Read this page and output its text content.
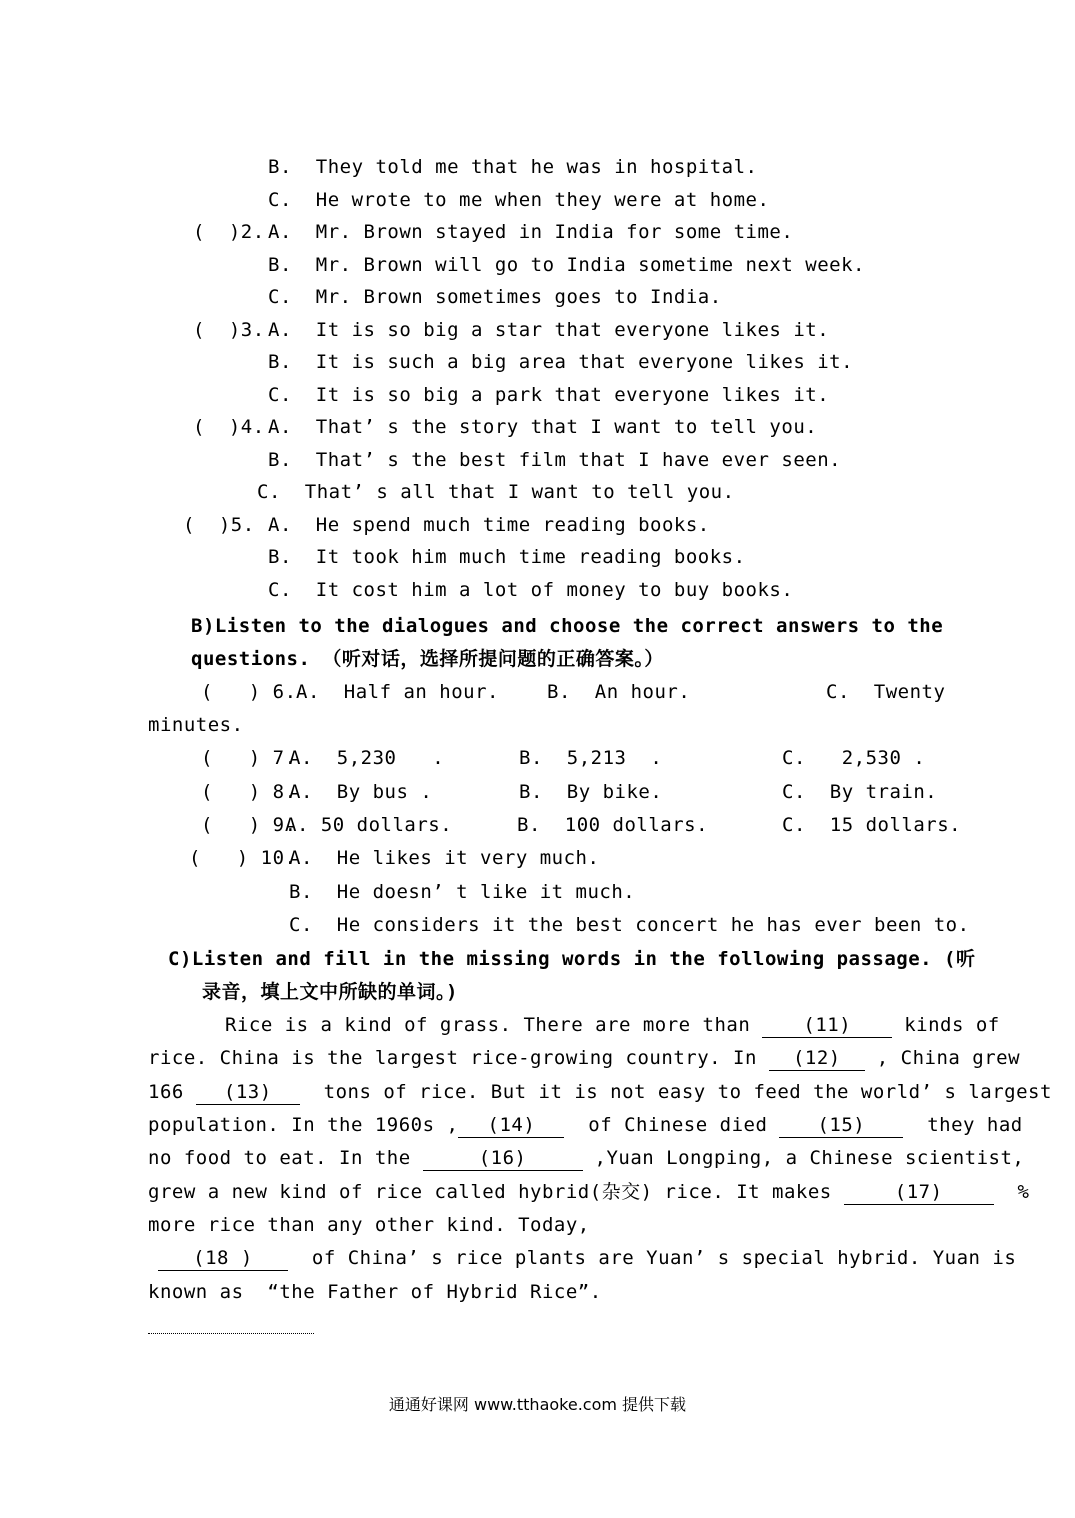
B.  They told me that he was in hospital.
C.  He wrote to me when they were at home.
(  )2. A.  Mr. Brown stayed in India for some time.
B.  Mr. Brown will go to India sometime next week.
C.  Mr. Brown sometimes goes to India.
(  )3. A.  It is so big a star that everyone likes it.
B.  It is such a big area that everyone likes it.
C.  It is so big a park that everyone likes it.
(  )4. A.  That’ s the story that I want to tell you.
B.  That’ s the best film that I have ever seen.
C.  That’ s all that I want to tell you.
(  )5. A.  He spend much time reading books.
B.  It took him much time reading books.
C.  It cost him a lot of money to buy books.
B)Listen to the dialogues and choose the correct answers to the
questions. （听对话，选择所提问题的正确答案。）
(   ) 6. A.  Half an hour.	B.  An hour.	C.  Twenty
minutes.
(   ) 7.
A.  5,230   .	B.  5,213  .	C.   2,530 .
(   ) 8.
A.  By bus .	B.  By bike.	C.  By train.
(   ) 9.
A. 50 dollars.	B.  100 dollars.	C.  15 dollars.
(   ) 10.
A.  He likes it very much.
B.  He doesn’ t like it much.
C.  He considers it the best concert he has ever been to.
C)Listen and fill in the missing words in the following passage. (听
录音，填上文中所缺的单词。)
Rice is a kind of grass. There are more than (11) kinds of
rice. China is the largest rice-growing country. In (12) , China grew
166 (13)  tons of rice. But it is not easy to feed the world’ s largest
population. In the 1960s , (14)  of Chinese died (15)  they had
no food to eat. In the	(16)	,Yuan Longping, a Chinese scientist,
grew a new kind of rice called hybrid(杂交) rice. It makes	(17)	%
more rice than any other kind. Today,
(18 )  of China’ s rice plants are Yuan’ s special hybrid. Yuan is
known as  “the Father of Hybrid Rice”.
通通好课网 www.tthaoke.com 提供下载
